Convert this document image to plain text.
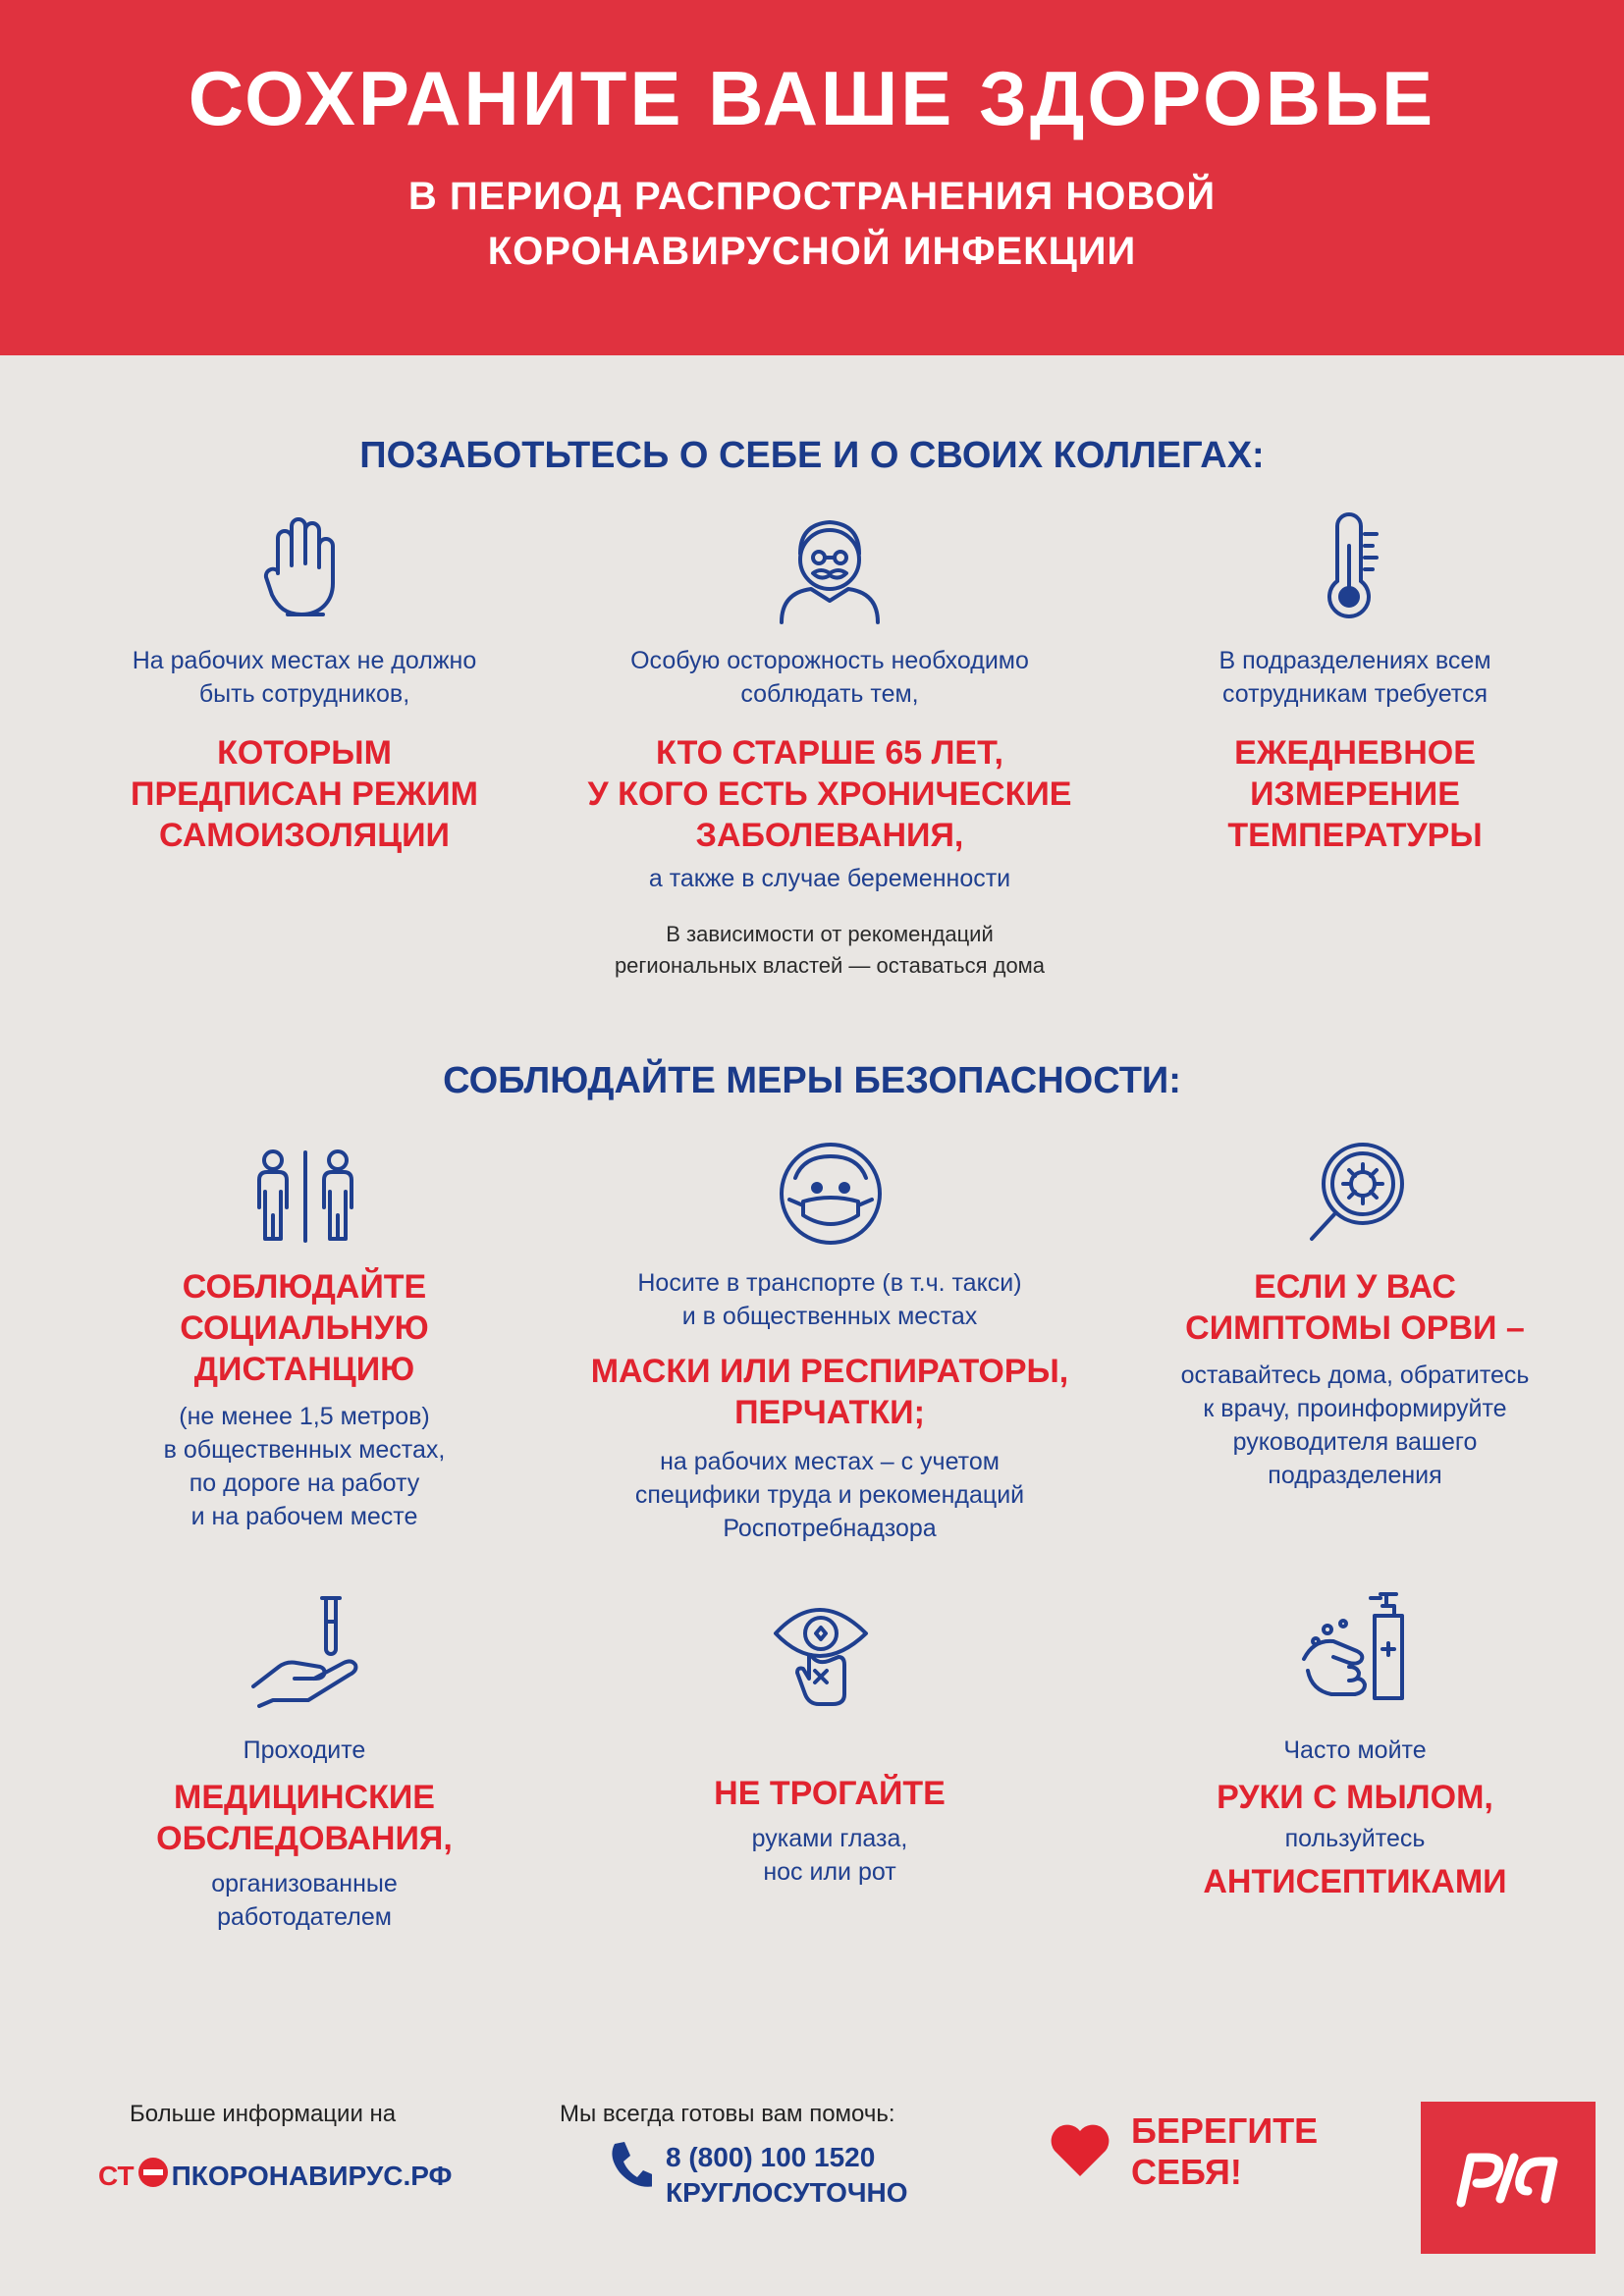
СОХРАНИТЕ ВАШЕ ЗДОРОВЬЕ
В ПЕРИОД РАСПРОСТРАНЕНИЯ НОВОЙ
КОРОНАВИРУСНОЙ ИНФЕКЦИИ
ПОЗАБОТЬТЕСЬ О СЕБЕ И О СВОИХ КОЛЛЕГАХ:
На рабочих местах не должно
быть сотрудников,
КОТОРЫМ
ПРЕДПИСАН РЕЖИМ
САМОИЗОЛЯЦИИ
Особую осторожность необходимо
соблюдать тем,
КТО СТАРШЕ 65 ЛЕТ,
У КОГО ЕСТЬ ХРОНИЧЕСКИЕ
ЗАБОЛЕВАНИЯ,
а также в случае беременности
В зависимости от рекомендаций
региональных властей — оставаться дома
В подразделениях всем
сотрудникам требуется
ЕЖЕДНЕВНОЕ
ИЗМЕРЕНИЕ
ТЕМПЕРАТУРЫ
СОБЛЮДАЙТЕ МЕРЫ БЕЗОПАСНОСТИ:
СОБЛЮДАЙТЕ
СОЦИАЛЬНУЮ
ДИСТАНЦИЮ
(не менее 1,5 метров)
в общественных местах,
по дороге на работу
и на рабочем месте
Носите в транспорте (в т.ч. такси)
и в общественных местах
МАСКИ ИЛИ РЕСПИРАТОРЫ,
ПЕРЧАТКИ;
на рабочих местах – с учетом
специфики труда и рекомендаций
Роспотребнадзора
ЕСЛИ У ВАС
СИМПТОМЫ ОРВИ –
оставайтесь дома, обратитесь
к врачу, проинформируйте
руководителя вашего
подразделения
Проходите
МЕДИЦИНСКИЕ
ОБСЛЕДОВАНИЯ,
организованные
работодателем
НЕ ТРОГАЙТЕ
руками глаза,
нос или рот
Часто мойте
РУКИ С МЫЛОМ,
пользуйтесь
АНТИСЕПТИКАМИ
Больше информации на
СТ ПКОРОНАВИРУС.РФ
Мы всегда готовы вам помочь:
8 (800) 100 1520
КРУГЛОСУТОЧНО
БЕРЕГИТЕ
СЕБЯ!
